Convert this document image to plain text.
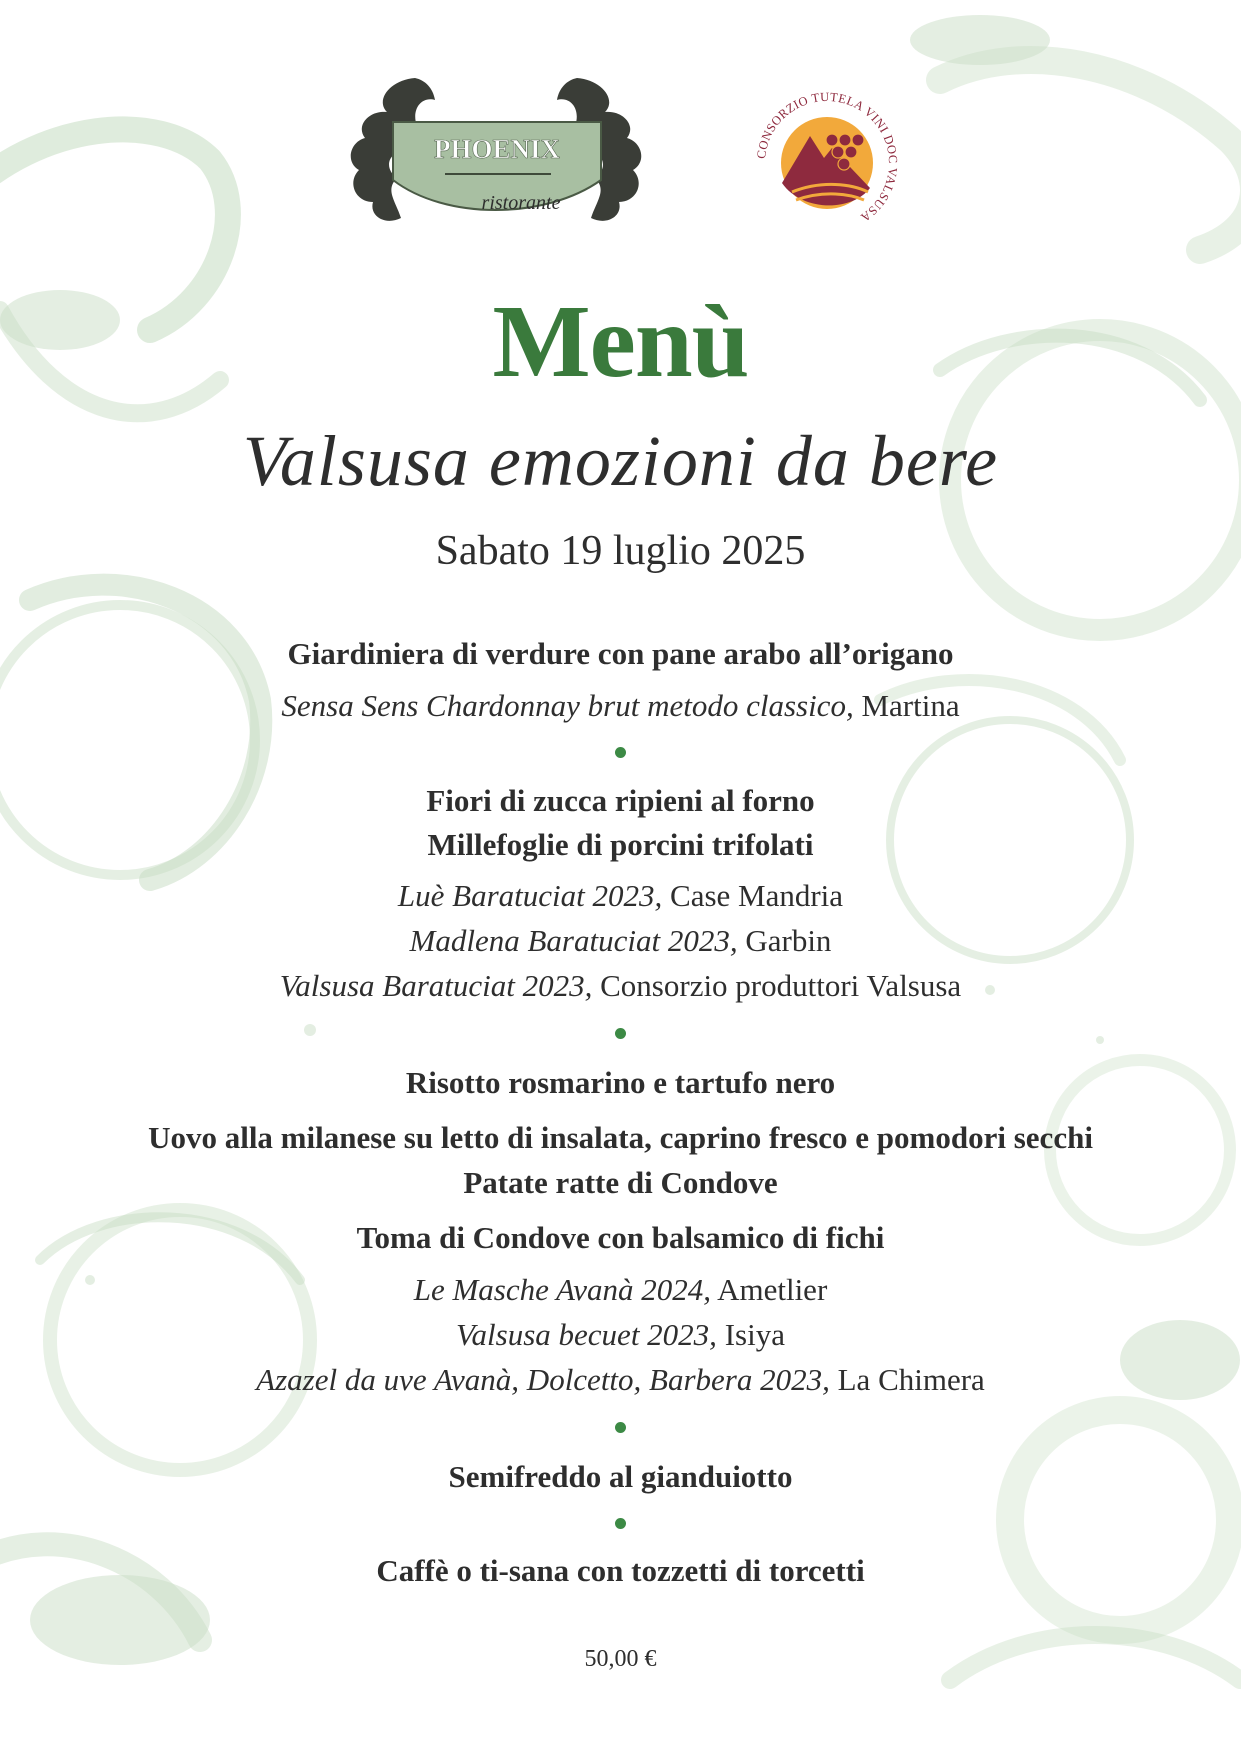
PHOENIX
ristorante
CONSORZIO TUTELA VINI DOC VALSUSA
Menù
Valsusa emozioni da bere
Sabato 19 luglio 2025
Giardiniera di verdure con pane arabo all’origano
Sensa Sens Chardonnay brut metodo classico, Martina
Fiori di zucca ripieni al forno
Millefoglie di porcini trifolati
Luè Baratuciat 2023, Case Mandria
Madlena Baratuciat 2023, Garbin
Valsusa Baratuciat 2023, Consorzio produttori Valsusa
Risotto rosmarino e tartufo nero
Uovo alla milanese su letto di insalata, caprino fresco e pomodori secchi
Patate ratte di Condove
Toma di Condove con balsamico di fichi
Le Masche Avanà 2024, Ametlier
Valsusa becuet 2023, Isiya
Azazel da uve Avanà, Dolcetto, Barbera 2023, La Chimera
Semifreddo al gianduiotto
Caffè o ti-sana con tozzetti di torcetti
50,00 €
